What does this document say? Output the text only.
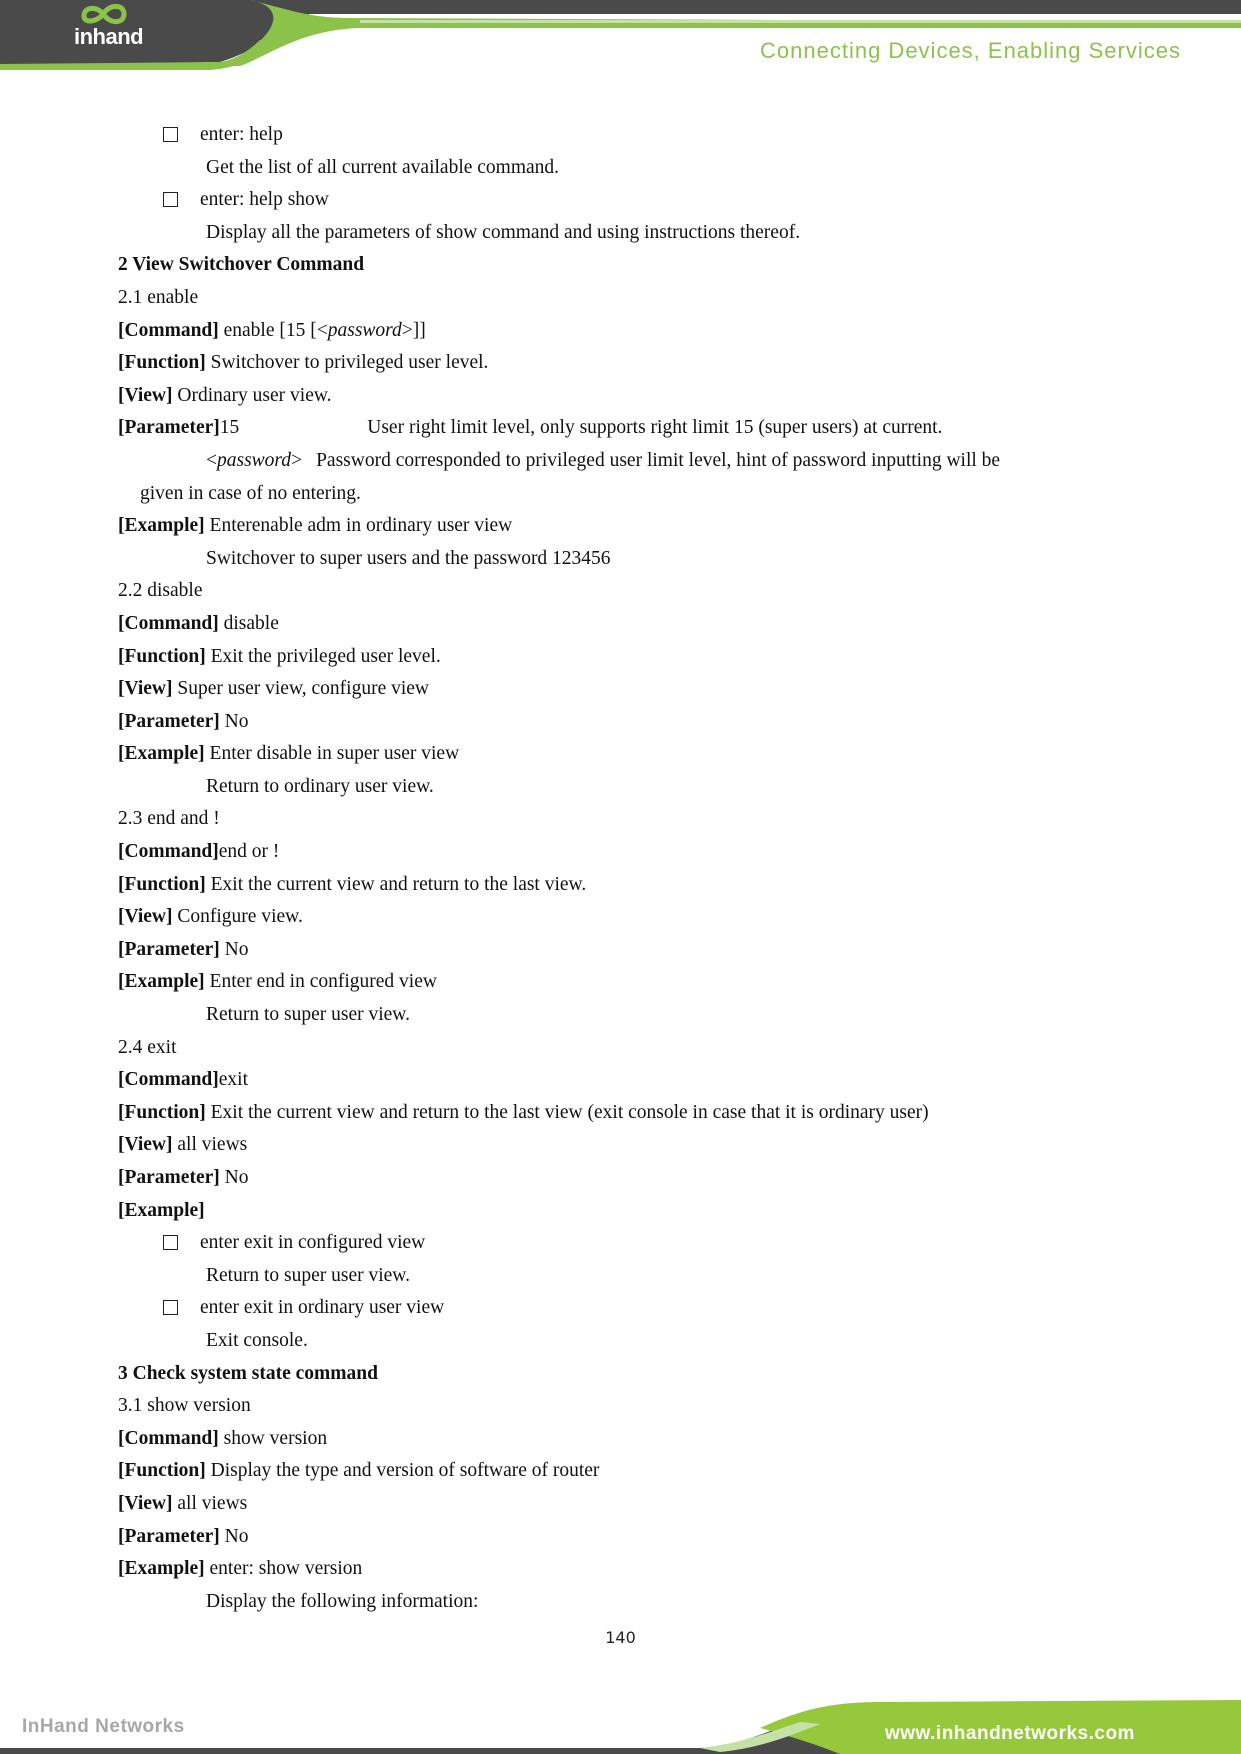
inhand
Connecting Devices, Enabling Services
enter: help
Get the list of all current available command.
enter: help show
Display all the parameters of show command and using instructions thereof.
2 View Switchover Command
2.1 enable
[Command] enable [15 [<password>]]
[Function] Switchover to privileged user level.
[View] Ordinary user view.
[Parameter]15	User right limit level, only supports right limit 15 (super users) at current.
<password> Password corresponded to privileged user limit level, hint of password inputting will be
given in case of no entering.
[Example] Enterenable adm in ordinary user view
Switchover to super users and the password 123456
2.2 disable
[Command] disable
[Function] Exit the privileged user level.
[View] Super user view, configure view
[Parameter] No
[Example] Enter disable in super user view
Return to ordinary user view.
2.3 end and !
[Command]end or !
[Function] Exit the current view and return to the last view.
[View] Configure view.
[Parameter] No
[Example] Enter end in configured view
Return to super user view.
2.4 exit
[Command]exit
[Function] Exit the current view and return to the last view (exit console in case that it is ordinary user)
[View] all views
[Parameter] No
[Example]
enter exit in configured view
Return to super user view.
enter exit in ordinary user view
Exit console.
3 Check system state command
3.1 show version
[Command] show version
[Function] Display the type and version of software of router
[View] all views
[Parameter] No
[Example] enter: show version
Display the following information:
140
InHand Networks	www.inhandnetworks.com
